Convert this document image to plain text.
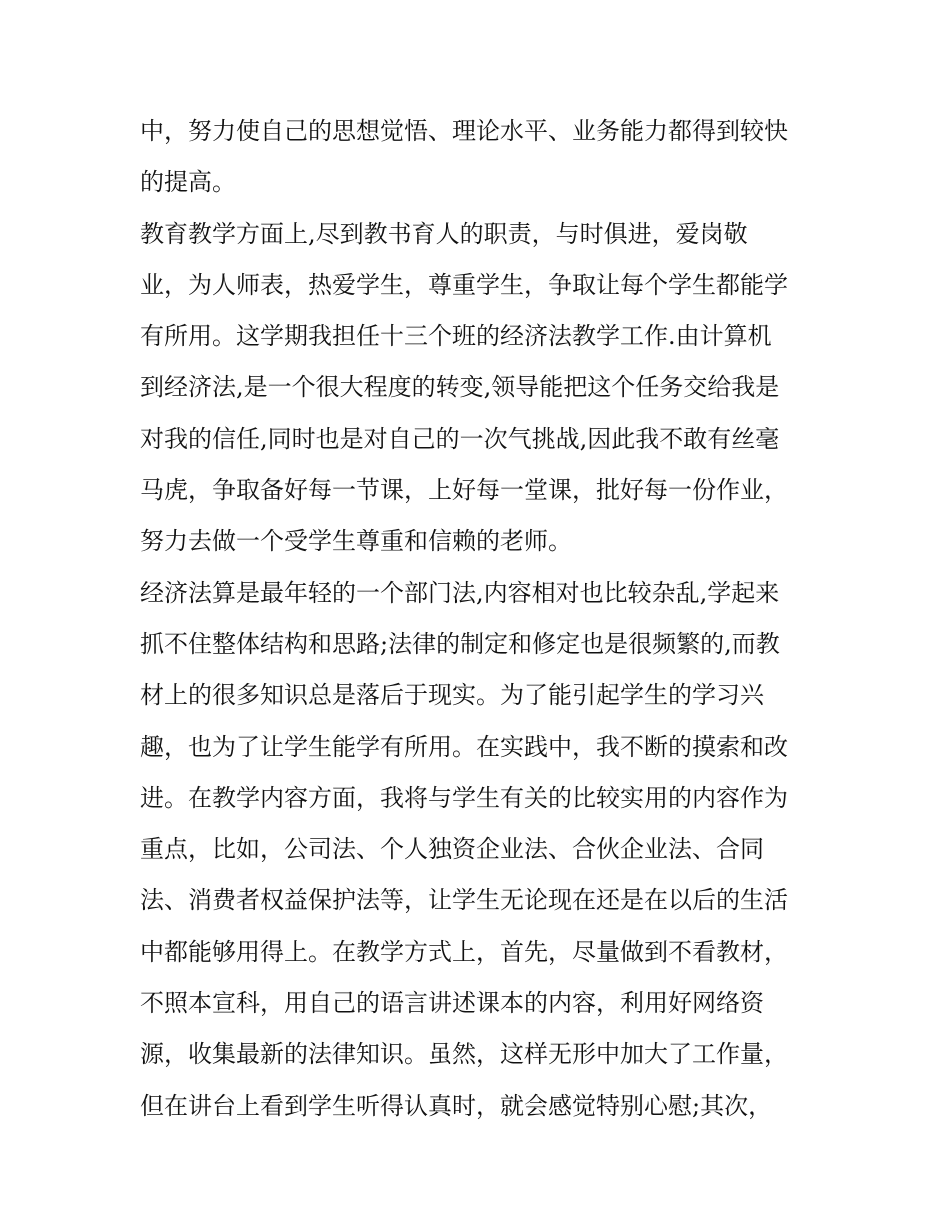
中，努力使自己的思想觉悟、理论水平、业务能力都得到较快
的提高。
教育教学方面上,尽到教书育人的职责，与时俱进，爱岗敬
业，为人师表，热爱学生，尊重学生，争取让每个学生都能学
有所用。这学期我担任十三个班的经济法教学工作.由计算机
到经济法,是一个很大程度的转变,领导能把这个任务交给我是
对我的信任,同时也是对自己的一次气挑战,因此我不敢有丝毫
马虎，争取备好每一节课，上好每一堂课，批好每一份作业，
努力去做一个受学生尊重和信赖的老师。
经济法算是最年轻的一个部门法,内容相对也比较杂乱,学起来
抓不住整体结构和思路;法律的制定和修定也是很频繁的,而教
材上的很多知识总是落后于现实。为了能引起学生的学习兴
趣，也为了让学生能学有所用。在实践中，我不断的摸索和改
进。在教学内容方面，我将与学生有关的比较实用的内容作为
重点，比如，公司法、个人独资企业法、合伙企业法、合同
法、消费者权益保护法等，让学生无论现在还是在以后的生活
中都能够用得上。在教学方式上，首先，尽量做到不看教材，
不照本宣科，用自己的语言讲述课本的内容，利用好网络资
源，收集最新的法律知识。虽然，这样无形中加大了工作量，
但在讲台上看到学生听得认真时，就会感觉特别心慰;其次，
